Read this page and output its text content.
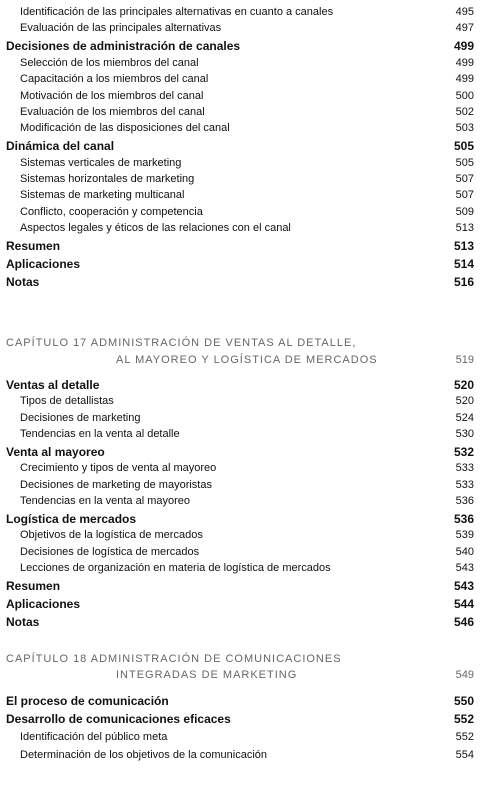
Identificación de las principales alternativas en cuanto a canales	495
Evaluación de las principales alternativas	497
Decisiones de administración de canales	499
Selección de los miembros del canal	499
Capacitación a los miembros del canal	499
Motivación de los miembros del canal	500
Evaluación de los miembros del canal	502
Modificación de las disposiciones del canal	503
Dinámica del canal	505
Sistemas verticales de marketing	505
Sistemas horizontales de marketing	507
Sistemas de marketing multicanal	507
Conflicto, cooperación y competencia	509
Aspectos legales y éticos de las relaciones con el canal	513
Resumen	513
Aplicaciones	514
Notas	516
CAPÍTULO 17 ADMINISTRACIÓN DE VENTAS AL DETALLE,
AL MAYOREO Y LOGÍSTICA DE MERCADOS	519
Ventas al detalle	520
Tipos de detallistas	520
Decisiones de marketing	524
Tendencias en la venta al detalle	530
Venta al mayoreo	532
Crecimiento y tipos de venta al mayoreo	533
Decisiones de marketing de mayoristas	533
Tendencias en la venta al mayoreo	536
Logística de mercados	536
Objetivos de la logística de mercados	539
Decisiones de logística de mercados	540
Lecciones de organización en materia de logística de mercados	543
Resumen	543
Aplicaciones	544
Notas	546
CAPÍTULO 18 ADMINISTRACIÓN DE COMUNICACIONES
INTEGRADAS DE MARKETING	549
El proceso de comunicación	550
Desarrollo de comunicaciones eficaces	552
Identificación del público meta	552
Determinación de los objetivos de la comunicación	554
